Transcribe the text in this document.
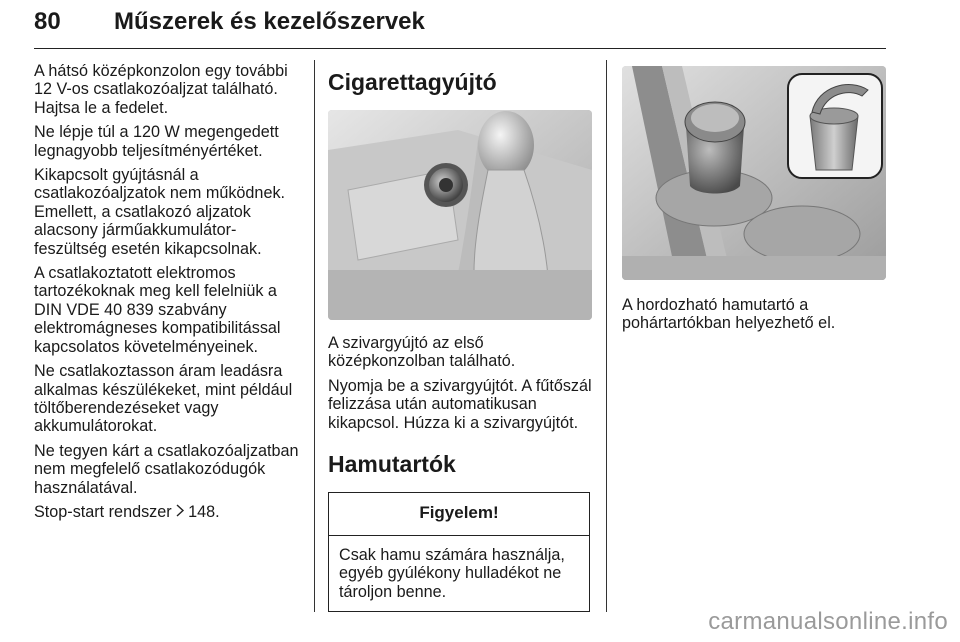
80 Műszerek és kezelőszervek

A hátsó középkonzolon egy további 12 V-os csatlakozóaljzat található. Hajtsa le a fedelet.

Ne lépje túl a 120 W megengedett legnagyobb teljesítményértéket.

Kikapcsolt gyújtásnál a csatlakozóaljzatok nem működnek. Emellett, a csatlakozó aljzatok alacsony járműakkumulátor-feszültség esetén kikapcsolnak.

A csatlakoztatott elektromos tartozékoknak meg kell felelniük a DIN VDE 40 839 szabvány elektromágneses kompatibilitással kapcsolatos követelményeinek.

Ne csatlakoztasson áram leadásra alkalmas készülékeket, mint például töltőberendezéseket vagy akkumulátorokat.

Ne tegyen kárt a csatlakozóaljzatban nem megfelelő csatlakozódugók használatával.

Stop-start rendszer 148.

Cigarettagyújtó

A szivargyújtó az első középkonzolban található.

Nyomja be a szivargyújtót. A fűtőszál felizzása után automatikusan kikapcsol. Húzza ki a szivargyújtót.

Hamutartók
Figyelem!
Csak hamu számára használja, egyéb gyúlékony hulladékot ne tároljon benne.

A hordozható hamutartó a pohártartókban helyezhető el.

carmanualsonline.info
